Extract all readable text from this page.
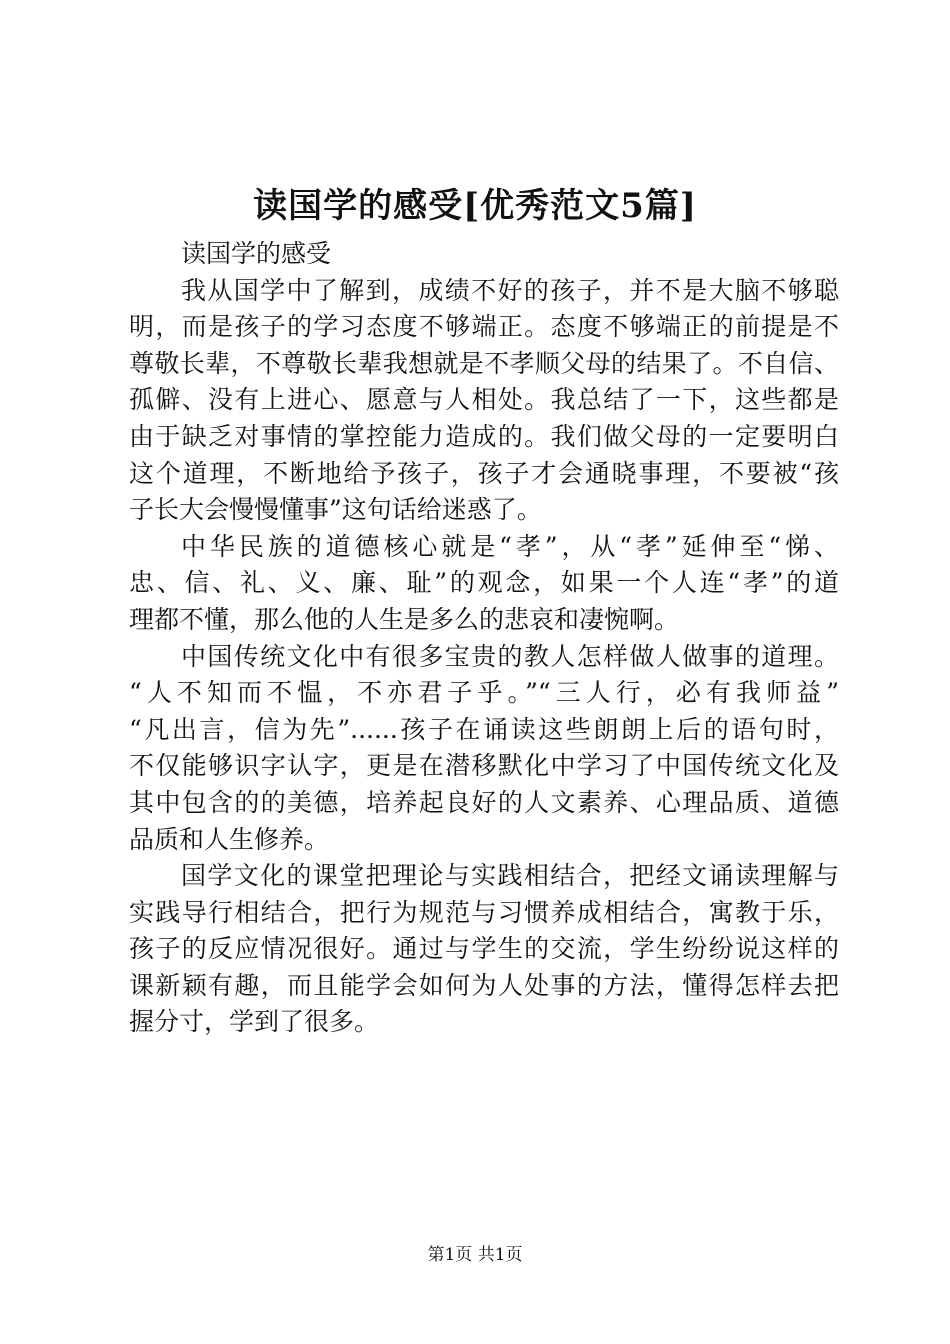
读国学的感受[优秀范文5篇]
读国学的感受
我从国学中了解到，成绩不好的孩子，并不是大脑不够聪
明，而是孩子的学习态度不够端正。态度不够端正的前提是不
尊敬长辈，不尊敬长辈我想就是不孝顺父母的结果了。不自信、
孤僻、没有上进心、愿意与人相处。我总结了一下，这些都是
由于缺乏对事情的掌控能力造成的。我们做父母的一定要明白
这个道理，不断地给予孩子，孩子才会通晓事理，不要被“孩
子长大会慢慢懂事”这句话给迷惑了。
中华民族的道德核心就是“孝”，从“孝”延伸至“悌、
忠、信、礼、义、廉、耻”的观念，如果一个人连“孝”的道
理都不懂，那么他的人生是多么的悲哀和凄惋啊。
中国传统文化中有很多宝贵的教人怎样做人做事的道理。
“人不知而不愠，不亦君子乎。”“三人行，必有我师益”
“凡出言，信为先”......孩子在诵读这些朗朗上后的语句时，
不仅能够识字认字，更是在潜移默化中学习了中国传统文化及
其中包含的的美德，培养起良好的人文素养、心理品质、道德
品质和人生修养。
国学文化的课堂把理论与实践相结合，把经文诵读理解与
实践导行相结合，把行为规范与习惯养成相结合，寓教于乐，
孩子的反应情况很好。通过与学生的交流，学生纷纷说这样的
课新颖有趣，而且能学会如何为人处事的方法，懂得怎样去把
握分寸，学到了很多。
第1页 共1页
